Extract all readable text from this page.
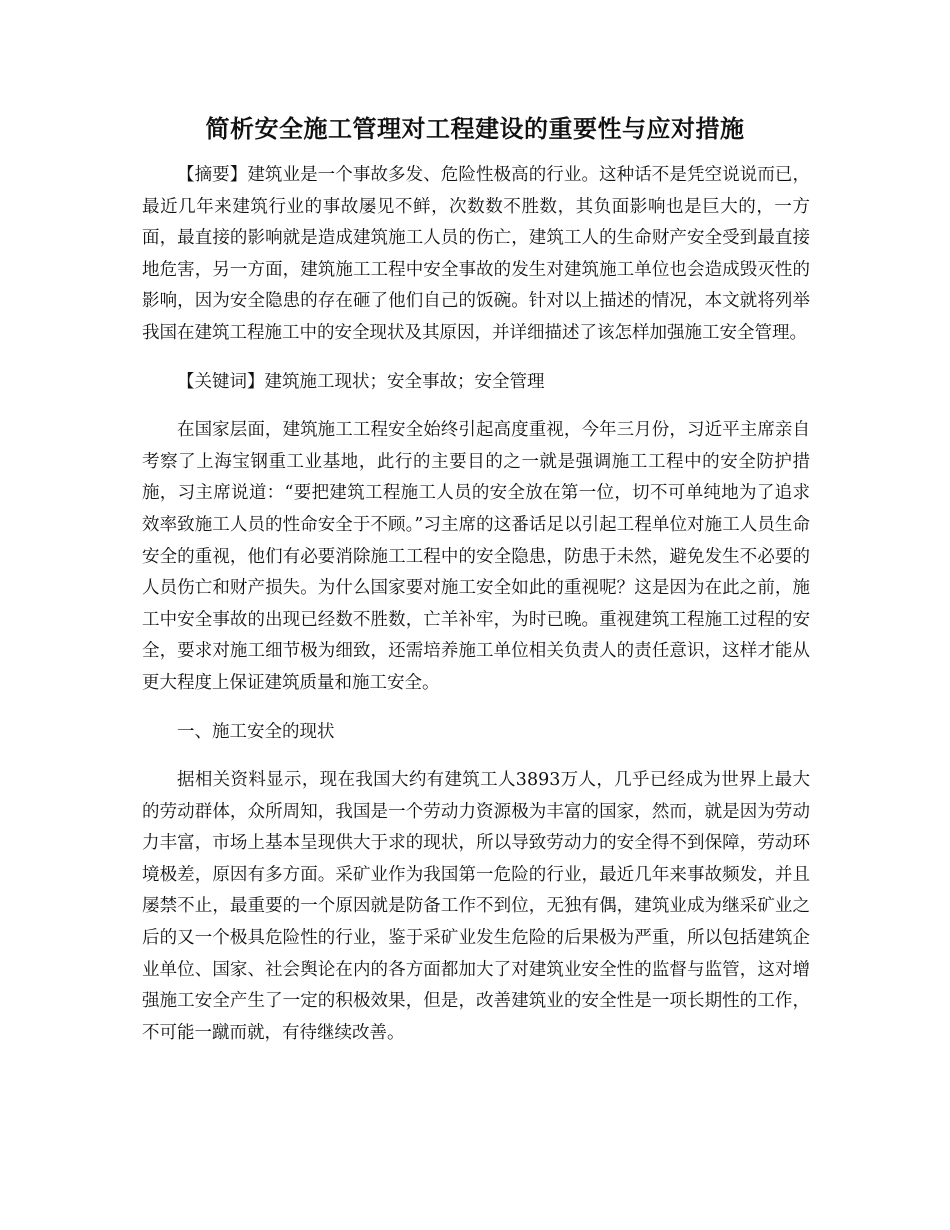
简析安全施工管理对工程建设的重要性与应对措施

【摘要】建筑业是一个事故多发、危险性极高的行业。这种话不是凭空说说而已，最近几年来建筑行业的事故屡见不鲜，次数数不胜数，其负面影响也是巨大的，一方面，最直接的影响就是造成建筑施工人员的伤亡，建筑工人的生命财产安全受到最直接地危害，另一方面，建筑施工工程中安全事故的发生对建筑施工单位也会造成毁灭性的影响，因为安全隐患的存在砸了他们自己的饭碗。针对以上描述的情况，本文就将列举我国在建筑工程施工中的安全现状及其原因，并详细描述了该怎样加强施工安全管理。

【关键词】建筑施工现状；安全事故；安全管理

在国家层面，建筑施工工程安全始终引起高度重视，今年三月份，习近平主席亲自考察了上海宝钢重工业基地，此行的主要目的之一就是强调施工工程中的安全防护措施，习主席说道：“要把建筑工程施工人员的安全放在第一位，切不可单纯地为了追求效率致施工人员的性命安全于不顾。”习主席的这番话足以引起工程单位对施工人员生命安全的重视，他们有必要消除施工工程中的安全隐患，防患于未然，避免发生不必要的人员伤亡和财产损失。为什么国家要对施工安全如此的重视呢？这是因为在此之前，施工中安全事故的出现已经数不胜数，亡羊补牢，为时已晚。重视建筑工程施工过程的安全，要求对施工细节极为细致，还需培养施工单位相关负责人的责任意识，这样才能从更大程度上保证建筑质量和施工安全。

一、施工安全的现状

据相关资料显示，现在我国大约有建筑工人3893万人，几乎已经成为世界上最大的劳动群体，众所周知，我国是一个劳动力资源极为丰富的国家，然而，就是因为劳动力丰富，市场上基本呈现供大于求的现状，所以导致劳动力的安全得不到保障，劳动环境极差，原因有多方面。采矿业作为我国第一危险的行业，最近几年来事故频发，并且屡禁不止，最重要的一个原因就是防备工作不到位，无独有偶，建筑业成为继采矿业之后的又一个极具危险性的行业，鉴于采矿业发生危险的后果极为严重，所以包括建筑企业单位、国家、社会舆论在内的各方面都加大了对建筑业安全性的监督与监管，这对增强施工安全产生了一定的积极效果，但是，改善建筑业的安全性是一项长期性的工作，不可能一蹴而就，有待继续改善。
